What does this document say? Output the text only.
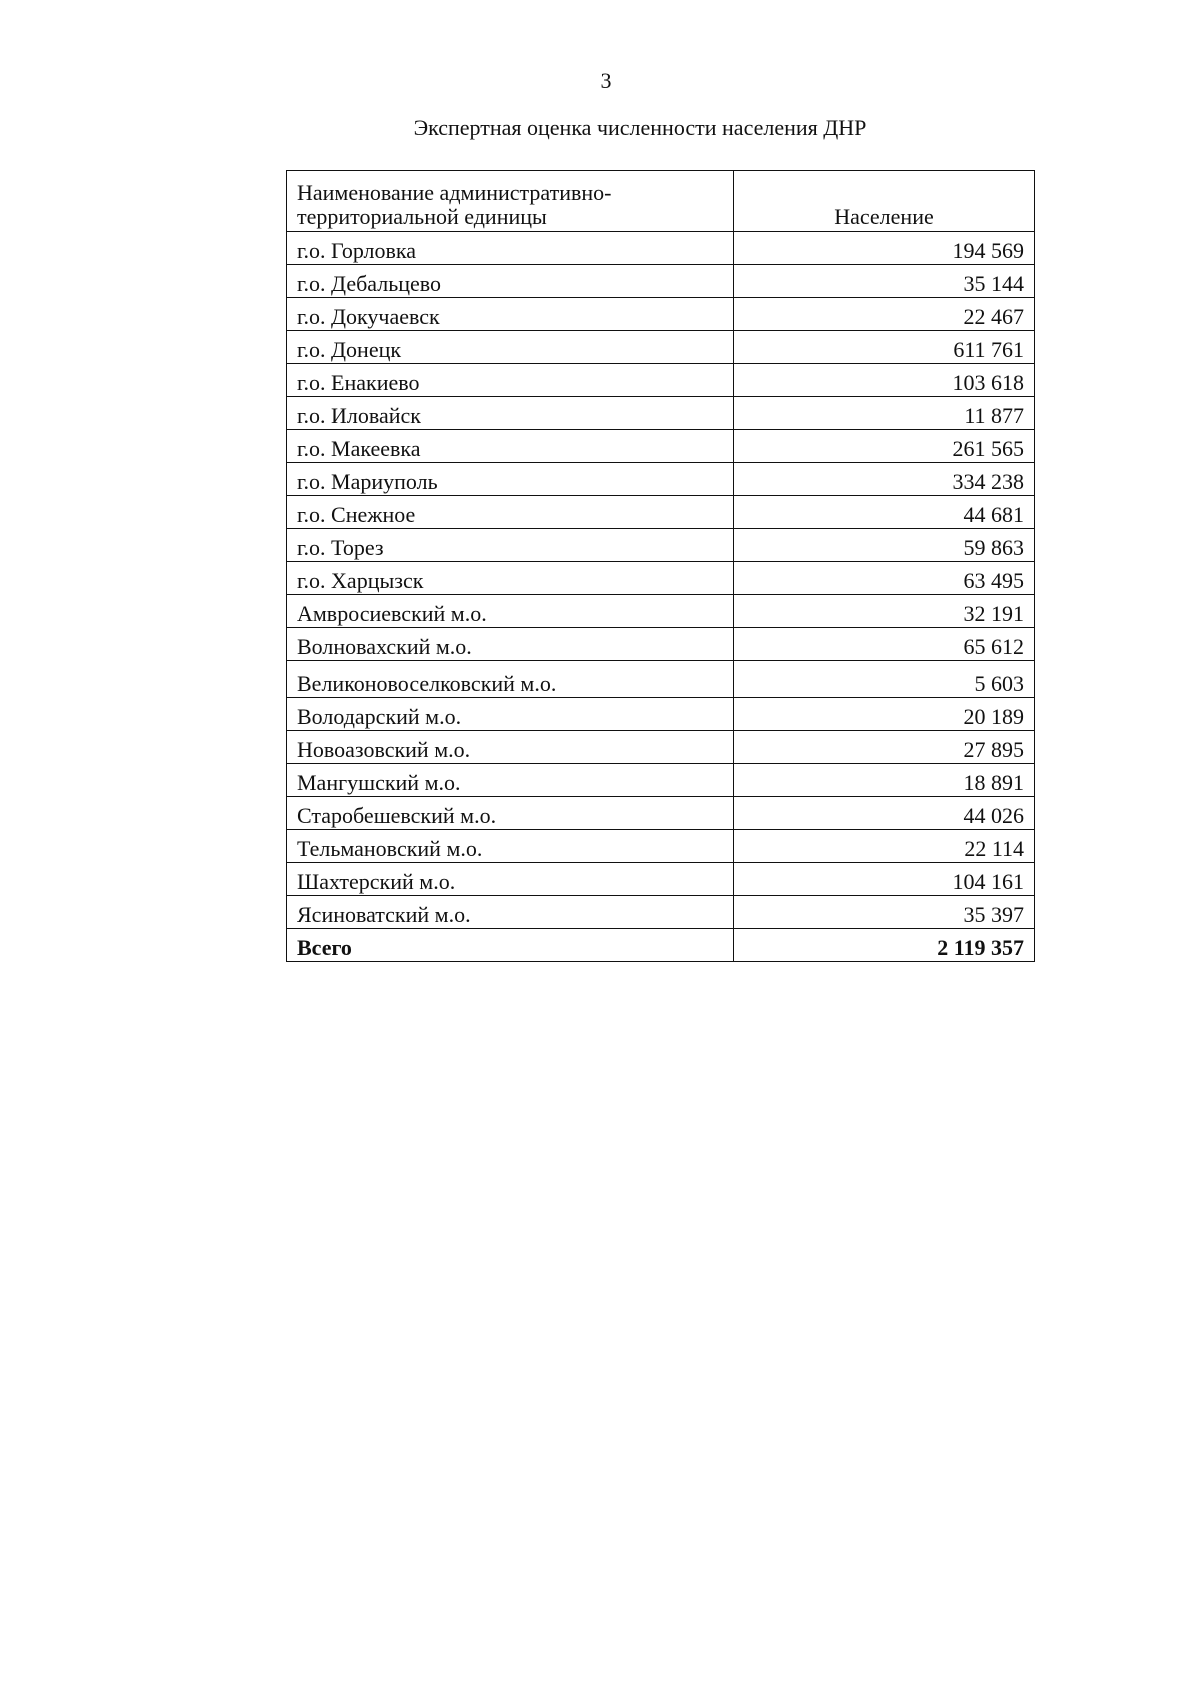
3
Экспертная оценка численности населения ДНР
Наименование административно-территориальной единицы	Население
г.о. Горловка	194 569
г.о. Дебальцево	35 144
г.о. Докучаевск	22 467
г.о. Донецк	611 761
г.о. Енакиево	103 618
г.о. Иловайск	11 877
г.о. Макеевка	261 565
г.о. Мариуполь	334 238
г.о. Снежное	44 681
г.о. Торез	59 863
г.о. Харцызск	63 495
Амвросиевский м.о.	32 191
Волновахский м.о.	65 612
Великоновоселковский м.о.	5 603
Володарский м.о.	20 189
Новоазовский м.о.	27 895
Мангушский м.о.	18 891
Старобешевский м.о.	44 026
Тельмановский м.о.	22 114
Шахтерский м.о.	104 161
Ясиноватский м.о.	35 397
Всего	2 119 357
